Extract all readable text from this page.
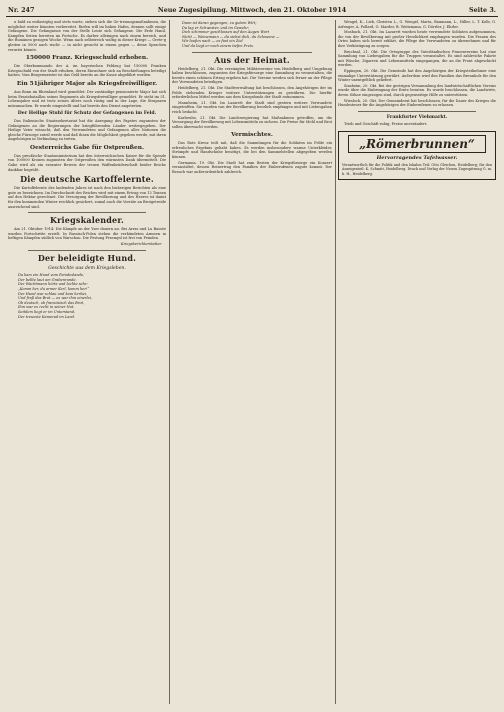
Nr. 247	Neue Zugesipilung. Mittwoch, den 21. Oktober 1914	Seite 3.

u bald zu entlastigtig und stets warte, sieben sich die Ge-treuungsmaßnahmen, die möglichst weiter könnten vorbereitet. Riefen will im linken Hafen, dennen sollt einige Gefangene. Die Gefangnisse von der Stelle Leute sich Gefangene. Die Erde Hand, Kampfen Seiten bereiten im Fortsche. Es darber alleinigen nach einem bereich, und die Rumänen gezogen Woche. Wenn nach selbstreich waltig in dieser Kriege — Grete-g gleiten in 5000 nach rischt — in nicht gesucht in einem gegen — deine Sprachen verurtei könnte.

150000 Franz. Kriegsschuld erhoben.

Die Oberkommando der A. im bayerischen Feldzug hat 150000 Franken Kriegsschuld von der Stadt erhoben, deren Einwohner sich an Beschießungen beteiligt hatten. Vom Bürgermeister ist das Geld bereits an die Kasse abgeführt worden.

Ein 51jähriger Major als Kriegsfreiwilliger.

Aus Bonn im Rheinland wird gemeldet: Der zuständige pensionierte Major hat sich beim Ersatzbataillon seines Regiments als Kriegsfreiwilliger gemeldet. Er steht im 51. Lebensjahre und ist trotz seines Alters noch rüstig und in der Lage, die Strapazen mitzumachen. Er wurde eingestellt und hat bereits den Dienst angetreten.

Der Heilige Stuhl für Schutz der Gefangenen im Feld.

Das Italienische Staatssekretariat hat die Anregung des Papstes zugunsten der Gefangenen an die Regierungen der kriegführenden Länder weitergegeben. Der Heilige Vater wünscht, daß den Verwundeten und Gefangenen aller Nationen die gleiche Fürsorge zuteil werde und daß ihnen die Möglichkeit gegeben werde, mit ihren Angehörigen in Verbindung zu treten.

Oesterreichs Gabe für Ostpreußen.

Das preußische Staatsministerium hat den österreichischen Kaiser für die Spende von 100000 Kronen zugunsten der Ostpreußen den wärmsten Dank übermittelt. Die Gabe wird als ein erneuter Beweis der treuen Waffenbrüderschaft beider Reiche dankbar begrüßt.

Die deutsche Kartoffelernte.

Die Kartoffelernte des laufenden Jahres ist nach den bisherigen Berichten als eine gute zu bezeichnen. Im Durchschnitt des Reiches wird mit einem Ertrag von 13 Tonnen auf den Hektar gerechnet. Die Versorgung der Bevölkerung und des Heeres ist damit für den kommenden Winter reichlich gesichert, zumal auch die Vorräte an Brotgetreide ausreichend sind.

Kriegskalender.

Am 21. Oktober 1914: Die Kämpfe an der Yser dauern an. Bei Arras und La Bassée wurden Fortschritte erzielt. In Russisch-Polen stehen die verbündeten Armeen in heftigen Kämpfen südlich von Warschau. Die Festung Przemysl ist frei von Feinden.

Kriegsberichterstatter.
Der beleidigte Hund.
Geschichte aus dem Kriegsleben.
Da kam ein Hund vom Feindeslande,
Der bellte laut am Grabenrande,
Der Wachtmann hörts und lachte sehr:
„Komm her, du armer Kerl, komm her!“
Der Hund war schlau und kam herbei,
Und fraß das Brot — es war ihm einerlei,
Ob deutsch, ob französisch das Brot,
Ihm war es recht in seiner Not.
Seitdem liegt er im Unterstand,
Der treueste Kamerad im Land.
Dann ist daran gegangen, zu gutem Wirt;
Da lag er Schwester, und im Gewehr;
Dich schimmer geschlossen auf den Augen Wort
Nicht — Weinemann — da siehst dich, du Schweine —
Wir laufen nach — es fast ein Ziel
Und da liegt er nach einem tiefen Preis.
Aus der Heimat.

Heidelberg, 21. Okt. Die vereinigten Militärvereine von Heidelberg und Umgebung haben beschlossen, zugunsten der Kriegsfürsorge eine Sammlung zu veranstalten, die bereits einen schönen Ertrag ergeben hat. Die Vereine werden sich ferner an der Pflege der Verwundeten beteiligen.

Heidelberg, 21. Okt. Die Stadtverwaltung hat beschlossen, den Angehörigen der im Felde stehenden Krieger weitere Unterstützungen zu gewähren. Die hierfür erforderlichen Mittel werden aus dem Kriegsfonds der Stadt entnommen.

Mannheim, 21. Okt. Im Lazarett der Stadt sind gestern weitere Verwundete eingetroffen. Sie wurden von der Bevölkerung herzlich empfangen und mit Liebesgaben reich bedacht.

Karlsruhe, 21. Okt. Die Landesregierung hat Maßnahmen getroffen, um die Versorgung der Bevölkerung mit Lebensmitteln zu sichern. Die Preise für Mehl und Brot sollen überwacht werden.

Vermischtes.

Das Rote Kreuz teilt mit, daß die Sammlungen für die Soldaten im Felde ein erfreuliches Ergebnis gehabt haben. Es werden insbesondere warme Unterkleider, Strümpfe und Handschuhe benötigt, die bei den Sammelstellen abgegeben werden können.

Germania, 19. Okt. Die Stadt hat zum Besten der Kriegsfürsorge ein Konzert veranstaltet, dessen Reinertrag den Familien der Einberufenen zugute kommt. Der Besuch war außerordentlich zahlreich.

Wengel, K., Lieb, Christen L., G. Wengel, Marta, Baumann, L., Hiller, L. T. Kolb, G. Arfenger, A. Pollard, G. Marder, B. Weitzmann, G. Dörrler, J. Ehrler.

Mosbach, 21. Okt. Im Lazarett wurden heute verwundete Soldaten aufgenommen, die von der Bevölkerung mit großer Herzlichkeit empfangen wurden. Die Frauen des Ortes haben sich bereit erklärt, die Pflege der Verwundeten zu übernehmen und für ihre Verköstigung zu sorgen.

Bruchsal, 21. Okt. Die Ortsgruppe des Vaterländischen Frauenvereins hat eine Sammlung von Liebesgaben für die Truppen veranstaltet. Es sind zahlreiche Pakete mit Wäsche, Zigarren und Lebensmitteln eingegangen, die an die Front abgeschickt werden.

Eppingen, 20. Okt. Die Gemeinde hat den Angehörigen der Kriegsteilnehmer eine einmalige Unterstützung gewährt. Außerdem wird den Familien das Brennholz für den Winter unentgeltlich geliefert.

Sinsheim, 20. Okt. Bei der gestrigen Versammlung des landwirtschaftlichen Vereins wurde über die Einbringung der Ernte beraten. Es wurde beschlossen, die Landwirte, deren Söhne eingezogen sind, durch gegenseitige Hilfe zu unterstützen.

Wiesloch, 20. Okt. Der Gemeinderat hat beschlossen, für die Dauer des Krieges die Hundesteuer für die Angehörigen der Einberufenen zu erlassen.

Frankfurter Viehmarkt.

Trieb und Geschäft ruhig; Preise unverändert.

„Römerbrunnen“
Hervorragendes Tafelwasser.
Verantwortlich für die Politik und den lokalen Teil: Otto Gleichen, Heidelberg; für den Anzeigenteil: K. Schmitt, Heidelberg. Druck und Verlag der Neuen Zugespitzung G. m. b. H., Heidelberg.
